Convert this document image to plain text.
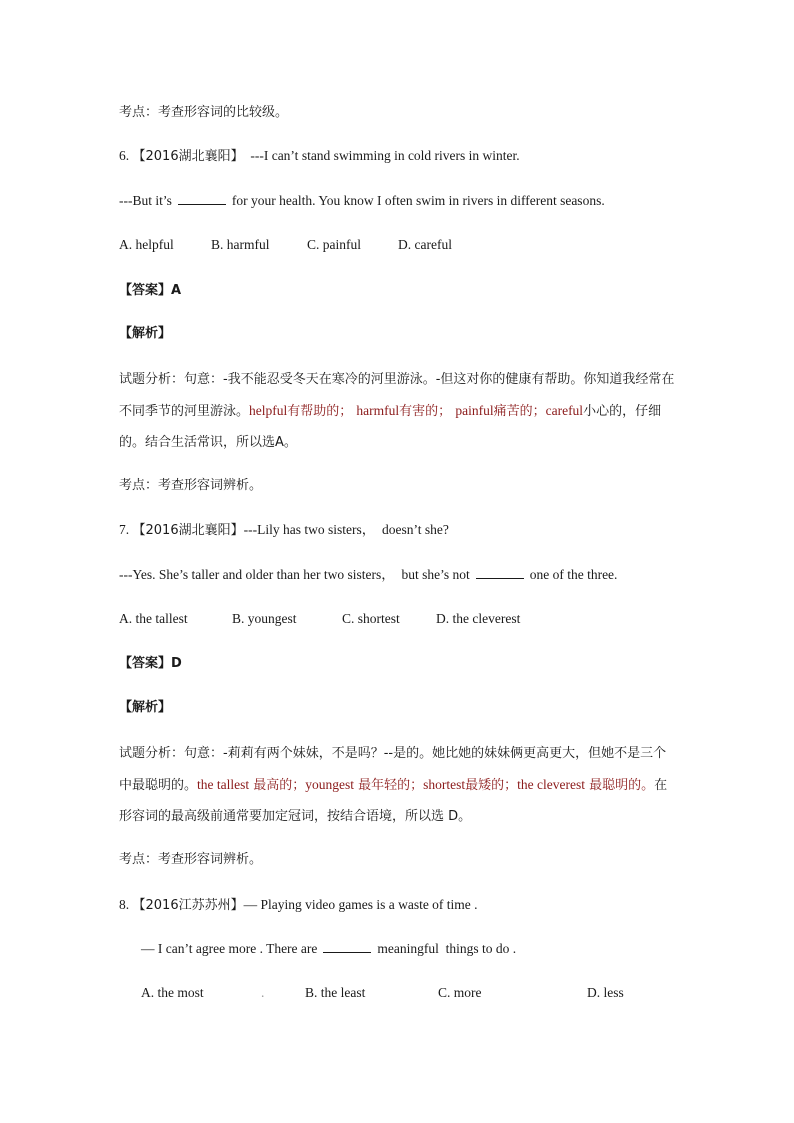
考点：考查形容词的比较级。
6. 【2016湖北襄阳】 ---I can’t stand swimming in cold rivers in winter.
---But it’s	for your health. You know I often swim in rivers in different seasons.
A. helpful	B. harmful	C. painful	D. careful
【答案】A
【解析】
试题分析：句意：-我不能忍受冬天在寒冷的河里游泳。-但这对你的健康有帮助。你知道我经常在不同季节的河里游泳。helpful有帮助的； harmful有害的； painful痛苦的；careful小心的，仔细的。结合生活常识，所以选A。
考点：考查形容词辨析。
7. 【2016湖北襄阳】---Lily has two sisters，  doesn’t she?
---Yes. She’s taller and older than her two sisters，  but she’s not	one of the three.
A. the tallest	B. youngest	C. shortest	D. the cleverest
【答案】D
【解析】
试题分析：句意：-莉莉有两个妹妹，不是吗？--是的。她比她的妹妹俩更高更大，但她不是三个中最聪明的。the tallest 最高的；youngest 最年轻的；shortest最矮的；the cleverest 最聪明的。在形容词的最高级前通常要加定冠词，按结合语境，所以选 D。
考点：考查形容词辨析。
8. 【2016江苏苏州】— Playing video games is a waste of time .
— I can’t agree more . There are	meaningful  things to do .
A. the most	.	B. the least	C. more	D. less
